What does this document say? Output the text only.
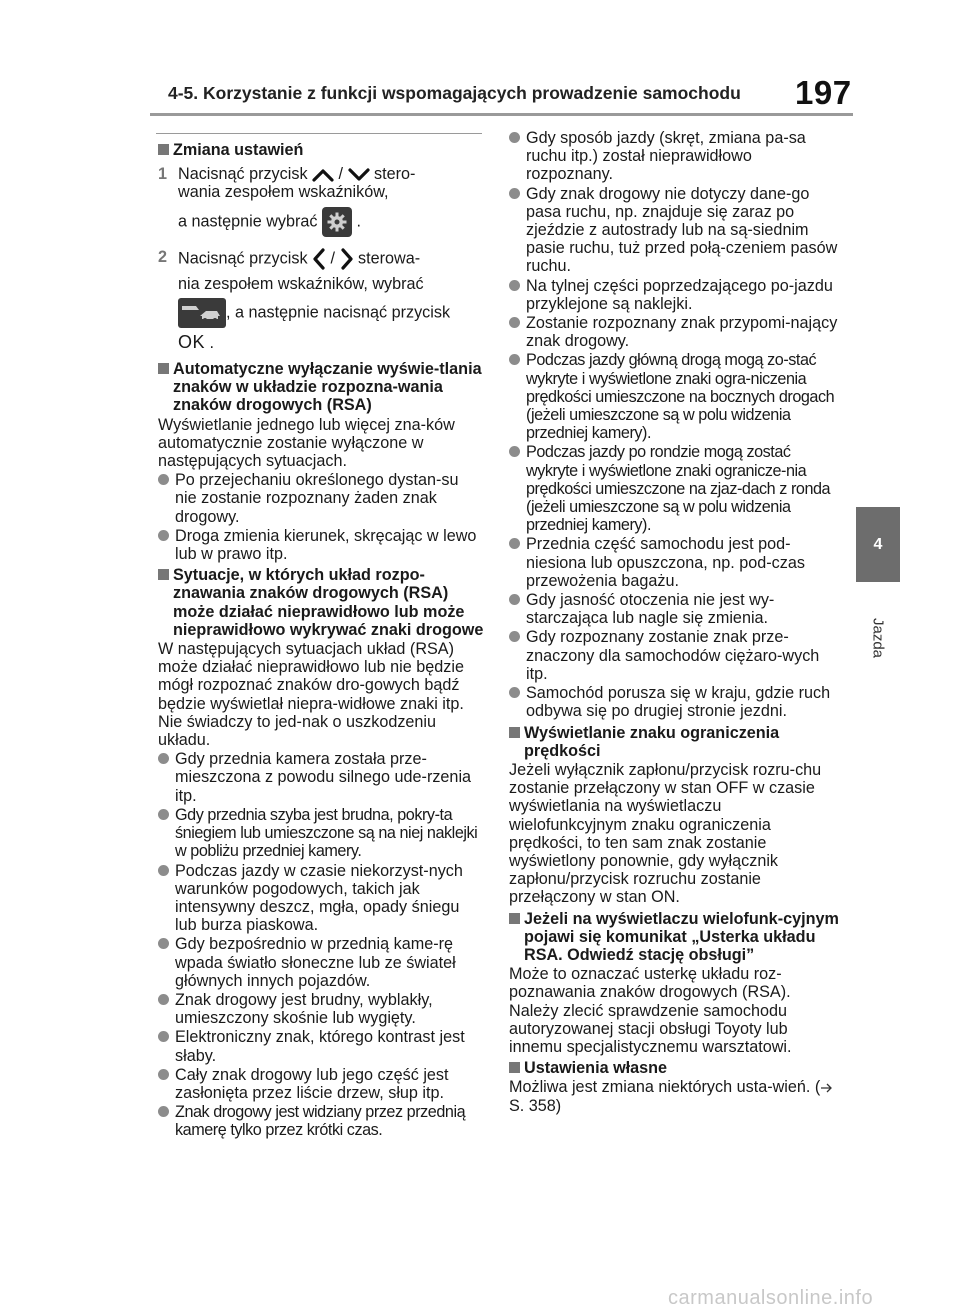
4-5. Korzystanie z funkcji wspomagających prowadzenie samochodu 197
4
Jazda
Zmiana ustawień
1 Nacisnąć przycisk / stero-
wania zespołem wskaźników,

a następnie wybrać .

2 Nacisnąć przycisk / sterowa-

nia zespołem wskaźników, wybrać

, a następnie nacisnąć przycisk

OK .

Automatyczne wyłączanie wyświe-tlania znaków w układzie rozpozna-wania znaków drogowych (RSA)

Wyświetlanie jednego lub więcej zna-ków automatycznie zostanie wyłączone w następujących sytuacjach.

Po przejechaniu określonego dystan-su nie zostanie rozpoznany żaden znak drogowy.
Droga zmienia kierunek, skręcając w lewo lub w prawo itp.
Sytuacje, w których układ rozpo-znawania znaków drogowych (RSA) może działać nieprawidłowo lub może nieprawidłowo wykrywać znaki drogowe

W następujących sytuacjach układ (RSA) może działać nieprawidłowo lub nie będzie mógł rozpoznać znaków dro-gowych bądź będzie wyświetlał niepra-widłowe znaki itp. Nie świadczy to jed-nak o uszkodzeniu układu.

Gdy przednia kamera została prze-mieszczona z powodu silnego ude-rzenia itp.
Gdy przednia szyba jest brudna, pokry-ta śniegiem lub umieszczone są na niej naklejki w pobliżu przedniej kamery.
Podczas jazdy w czasie niekorzyst-nych warunków pogodowych, takich jak intensywny deszcz, mgła, opady śniegu lub burza piaskowa.
Gdy bezpośrednio w przednią kame-rę wpada światło słoneczne lub ze świateł głównych innych pojazdów.
Znak drogowy jest brudny, wyblakły, umieszczony skośnie lub wygięty.
Elektroniczny znak, którego kontrast jest słaby.
Cały znak drogowy lub jego część jest zasłonięta przez liście drzew, słup itp.
Znak drogowy jest widziany przez przednią kamerę tylko przez krótki czas.
Gdy sposób jazdy (skręt, zmiana pa-sa ruchu itp.) został nieprawidłowo rozpoznany.
Gdy znak drogowy nie dotyczy dane-go pasa ruchu, np. znajduje się zaraz po zjeździe z autostrady lub na są-siednim pasie ruchu, tuż przed połą-czeniem pasów ruchu.
Na tylnej części poprzedzającego po-jazdu przyklejone są naklejki.
Zostanie rozpoznany znak przypomi-nający znak drogowy.
Podczas jazdy główną drogą mogą zo-stać wykryte i wyświetlone znaki ogra-niczenia prędkości umieszczone na bocznych drogach (jeżeli umieszczone są w polu widzenia przedniej kamery).
Podczas jazdy po rondzie mogą zostać wykryte i wyświetlone znaki ogranicze-nia prędkości umieszczone na zjaz-dach z ronda (jeżeli umieszczone są w polu widzenia przedniej kamery).
Przednia część samochodu jest pod-niesiona lub opuszczona, np. pod-czas przewożenia bagażu.
Gdy jasność otoczenia nie jest wy-starczająca lub nagle się zmienia.
Gdy rozpoznany zostanie znak prze-znaczony dla samochodów ciężaro-wych itp.
Samochód porusza się w kraju, gdzie ruch odbywa się po drugiej stronie jezdni.
Wyświetlanie znaku ograniczenia prędkości

Jeżeli wyłącznik zapłonu/przycisk rozru-chu zostanie przełączony w stan OFF w czasie wyświetlania na wyświetlaczu wielofunkcyjnym znaku ograniczenia prędkości, to ten sam znak zostanie wyświetlony ponownie, gdy wyłącznik zapłonu/przycisk rozruchu zostanie przełączony w stan ON.

Jeżeli na wyświetlaczu wielofunk-cyjnym pojawi się komunikat „Usterka układu RSA. Odwiedź stację obsługi”

Może to oznaczać usterkę układu roz-poznawania znaków drogowych (RSA). Należy zlecić sprawdzenie samochodu autoryzowanej stacji obsługi Toyoty lub innemu specjalistycznemu warsztatowi.

Ustawienia własne

Możliwa jest zmiana niektórych usta-wień. (S. 358)

carmanualsonline.info
